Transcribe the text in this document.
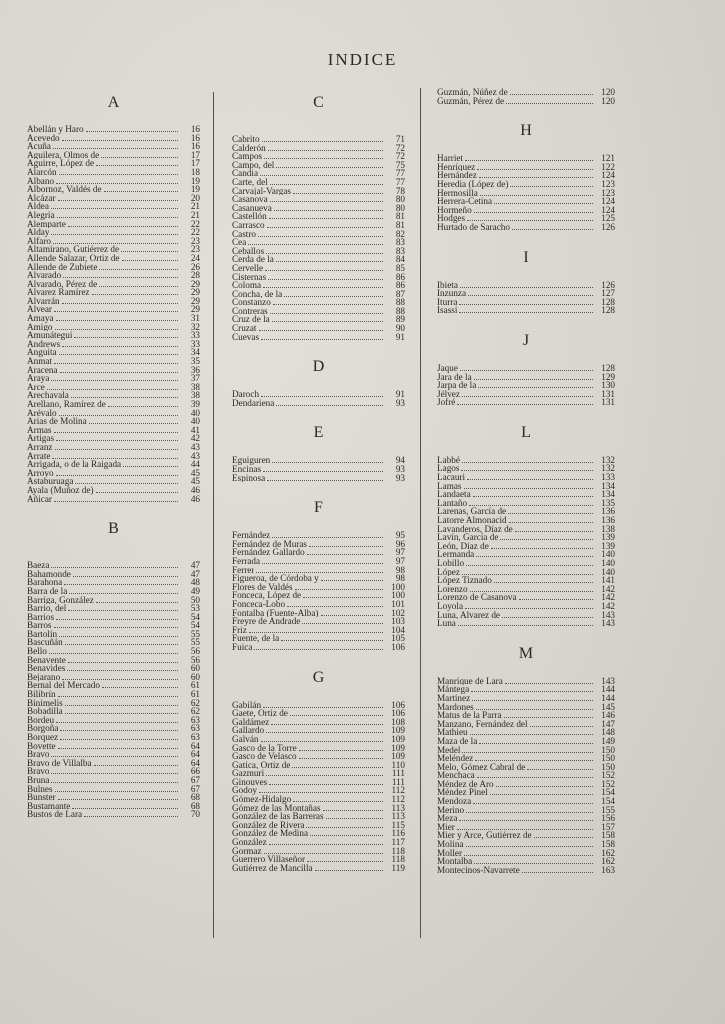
INDICE
A
Abellán y Haro	16
Acevedo	16
Acuña	16
Aguilera, Olmos de	17
Aguirre, López de	17
Alarcón	18
Albano	19
Albornoz, Valdés de	19
Alcázar	20
Aldea	21
Alegría	21
Alemparte	22
Alday	22
Alfaro	23
Altamirano, Gutiérrez de	23
Allende Salazar, Ortiz de	24
Allende de Zubiete	26
Alvarado	28
Alvarado, Pérez de	29
Alvarez Ramírez	29
Alvarrán	29
Alvear	29
Amaya	31
Amigo	32
Amunátegui	33
Andrews	33
Anguita	34
Anmat	35
Aracena	36
Araya	37
Arce	38
Arechavala	38
Arellano, Ramírez de	39
Arévalo	40
Arias de Molina	40
Armas	41
Artigas	42
Arranz	43
Arrate	43
Arrigada, o de la Raigada	44
Arroyo	45
Astaburuaga	45
Ayala (Muñoz de)	46
Añicar	46
B
Baeza	47
Bahamonde	47
Barahona	48
Barra de la	49
Barriga, González	50
Barrio, del	53
Barrios	54
Barros	54
Bartolín	55
Bascuñán	55
Bello	56
Benavente	56
Benavides	60
Bejarano	60
Bernal del Mercado	61
Bilibrín	61
Binimelis	62
Bobadilla	62
Bordeu	63
Borgoña	63
Borquez	63
Bovette	64
Bravo	64
Bravo de Villalba	64
Bravo	66
Bruna	67
Bulnes	67
Bunster	68
Bustamante	68
Bustos de Lara	70
C
Cabrito	71
Calderón	72
Campos	72
Campo, del	75
Candia	77
Carte, del	77
Carvajal-Vargas	78
Casanova	80
Casanueva	80
Castellón	81
Carrasco	81
Castro	82
Cea	83
Ceballos	83
Cerda de la	84
Cervelle	85
Cisternas	86
Coloma	86
Concha, de la	87
Constanzo	88
Contreras	88
Cruz de la	89
Cruzat	90
Cuevas	91
D
Daroch	91
Dendariena	93
E
Eguiguren	94
Encinas	93
Espinosa	93
F
Fernández	95
Fernández de Muras	96
Fernández Gallardo	97
Ferrada	97
Ferrer	98
Figueroa, de Córdoba y	98
Flores de Valdés	100
Fonceca, López de	100
Fonceca-Lobo	101
Fontalba (Fuente-Alba)	102
Freyre de Andrade	103
Friz	104
Fuente, de la	105
Fuica	106
G
Gabilán	106
Gaete, Ortiz de	106
Galdámez	108
Gallardo	109
Galván	109
Gasco de la Torre	109
Gasco de Velasco	109
Gatica, Ortiz de	110
Gazmuri	111
Ginouves	111
Godoy	112
Gómez-Hidalgo	112
Gómez de las Montañas	113
González de las Barreras	113
González de Rivera	115
González de Medina	116
González	117
Gormaz	118
Guerrero Villaseñor	118
Gutiérrez de Mancilla	119
Guzmán, Núñez de	120
Guzmán, Pérez de	120
H
Harriet	121
Henríquez	122
Hernández	124
Heredia (López de)	123
Hermosilla	123
Herrera-Cetina	124
Hormeño	124
Hodges	125
Hurtado de Saracho	126
I
Ibieta	126
Inzunza	127
Iturra	128
Isassi	128
J
Jaque	128
Jara de la	129
Jarpa de la	130
Jélvez	131
Jofré	131
L
Labbé	132
Lagos	132
Lacauri	133
Lamas	134
Landaeta	134
Lantaño	135
Larenas, García de	136
Latorre Almonacid	136
Lavanderos, Díaz de	138
Lavín, García de	139
León, Díaz de	139
Lermanda	140
Lobillo	140
López	140
López Tiznado	141
Lorenzo	142
Lorenzo de Casanova	142
Loyola	142
Luna, Alvarez de	143
Luna	143
M
Manrique de Lara	143
Mántega	144
Martínez	144
Mardones	145
Matus de la Parra	146
Manzano, Fernández del	147
Mathieu	148
Maza de la	149
Medel	150
Meléndez	150
Melo, Gómez Cabral de	150
Menchaca	152
Méndez de Aro	152
Méndez Pinel	154
Mendoza	154
Merino	155
Meza	156
Mier	157
Mier y Arce, Gutiérrez de	158
Molina	158
Moller	162
Montalba	162
Montecinos-Navarrete	163
